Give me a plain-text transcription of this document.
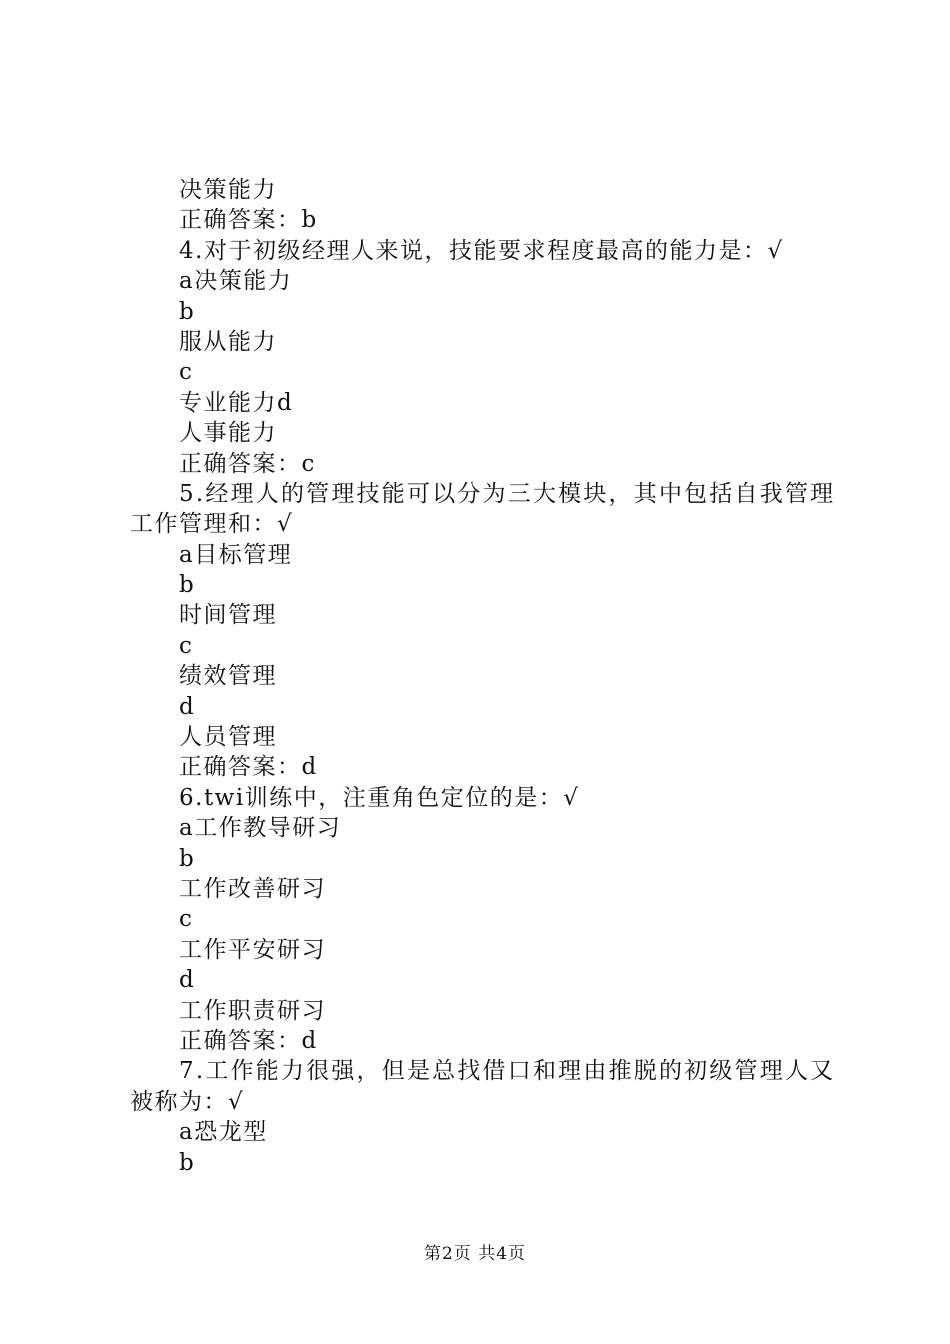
决策能力
正确答案：b
4.对于初级经理人来说，技能要求程度最高的能力是：√
a决策能力
b
服从能力
c
专业能力d
人事能力
正确答案：c
5.经理人的管理技能可以分为三大模块，其中包括自我管理
工作管理和：√
a目标管理
b
时间管理
c
绩效管理
d
人员管理
正确答案：d
6.twi训练中，注重角色定位的是：√
a工作教导研习
b
工作改善研习
c
工作平安研习
d
工作职责研习
正确答案：d
7.工作能力很强，但是总找借口和理由推脱的初级管理人又
被称为：√
a恐龙型
b
第2页 共4页
